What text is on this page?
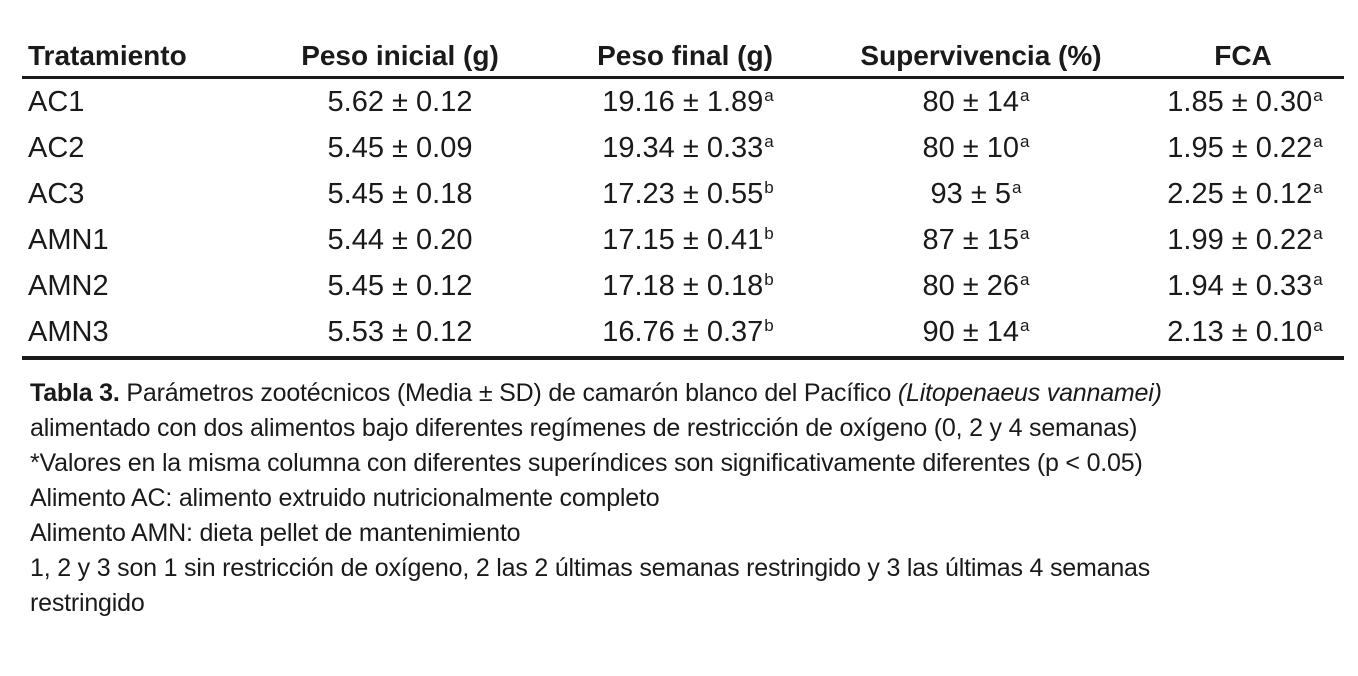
Tratamiento	Peso inicial (g)	Peso final (g)	Supervivencia (%)	FCA
AC1	5.62 ± 0.12	19.16 ± 1.89$^a$	$80 \pm 14^a$	1.85 ± 0.30$^a$
AC2	5.45 ± 0.09	19.34 ± 0.33$^a$	$80 \pm 10^a$	1.95 ± 0.22$^a$
AC3	5.45 ± 0.18	17.23 ± 0.55$^b$	$93 \pm 5^a$	2.25 ± 0.12$^a$
AMN1	5.44 ± 0.20	17.15 ± 0.41$^b$	$87 \pm 15^a$	1.99 ± 0.22$^a$
AMN2	5.45 ± 0.12	17.18 ± 0.18$^b$	$80 \pm 26^a$	1.94 ± 0.33$^a$
AMN3	5.53 ± 0.12	16.76 ± 0.37$^b$	$90 \pm 14^a$	2.13 ± 0.10$^a$

Tabla 3. Parámetros zootécnicos (Media ± SD) de camarón blanco del Pacífico (Litopenaeus vannamei)

alimentado con dos alimentos bajo diferentes regímenes de restricción de oxígeno (0, 2 y 4 semanas)

*Valores en la misma columna con diferentes superíndices son significativamente diferentes (p < 0.05)

Alimento AC: alimento extruido nutricionalmente completo

Alimento AMN: dieta pellet de mantenimiento

1, 2 y 3 son 1 sin restricción de oxígeno, 2 las 2 últimas semanas restringido y 3 las últimas 4 semanas

restringido
